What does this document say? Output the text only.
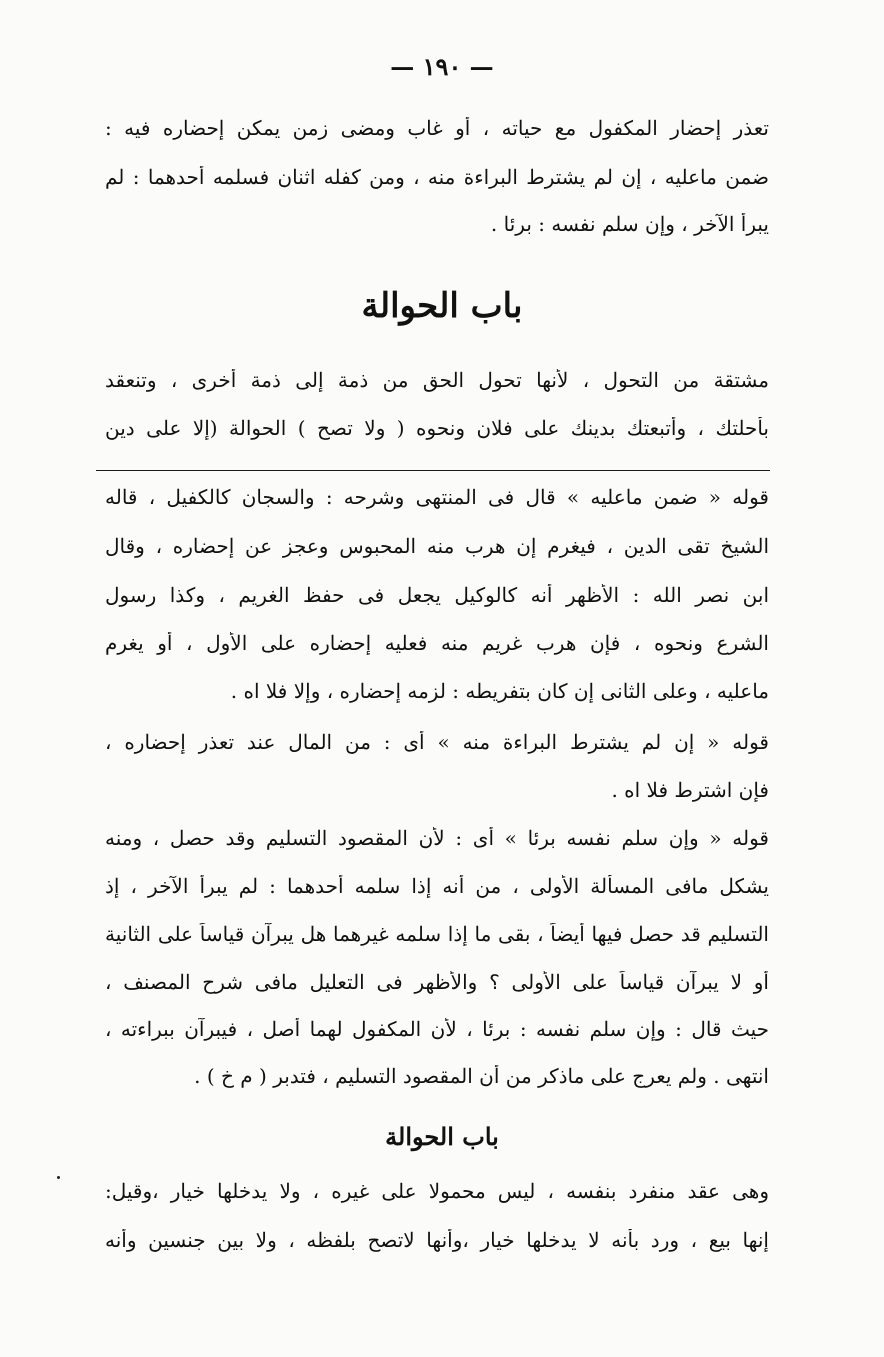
— ١٩٠ —
تعذر إحضار المكفول مع حياته ، أو غاب ومضى زمن يمكن إحضاره فيه :
ضمن ماعليه ، إن لم يشترط البراءة منه ، ومن كفله اثنان فسلمه أحدهما : لم
يبرأ الآخر ، وإن سلم نفسه : برئا .
باب الحوالة
مشتقة من التحول ، لأنها تحول الحق من ذمة إلى ذمة أخرى ، وتنعقد
بأحلتك ، وأتبعتك بدينك على فلان ونحوه ( ولا تصح ) الحوالة (إلا على دين
قوله « ضمن ماعليه » قال فى المنتهى وشرحه : والسجان كالكفيل ، قاله
الشيخ تقى الدين ، فيغرم إن هرب منه المحبوس وعجز عن إحضاره ، وقال
ابن نصر الله : الأظهر أنه كالوكيل يجعل فى حفظ الغريم ، وكذا رسول
الشرع ونحوه ، فإن هرب غريم منه فعليه إحضاره على الأول ، أو يغرم
ماعليه ، وعلى الثانى إن كان بتفريطه : لزمه إحضاره ، وإلا فلا اه .
قوله « إن لم يشترط البراءة منه » أى : من المال عند تعذر إحضاره ،
فإن اشترط فلا اه .
قوله « وإن سلم نفسه برئا » أى : لأن المقصود التسليم وقد حصل ، ومنه
يشكل مافى المسألة الأولى ، من أنه إذا سلمه أحدهما : لم يبرأ الآخر ، إذ
التسليم قد حصل فيها أيضاً ، بقى ما إذا سلمه غيرهما هل يبرآن قياساً على الثانية
أو لا يبرآن قياساً على الأولى ؟ والأظهر فى التعليل مافى شرح المصنف ،
حيث قال : وإن سلم نفسه : برئا ، لأن المكفول لهما أصل ، فيبرآن ببراءته ،
انتهى . ولم يعرج على ماذكر من أن المقصود التسليم ، فتدبر ( م خ ) .
باب الحوالة
وهى عقد منفرد بنفسه ، ليس محمولا على غيره ، ولا يدخلها خيار ،وقيل:
إنها بيع ، ورد بأنه لا يدخلها خيار ،وأنها لاتصح بلفظه ، ولا بين جنسين وأنه
